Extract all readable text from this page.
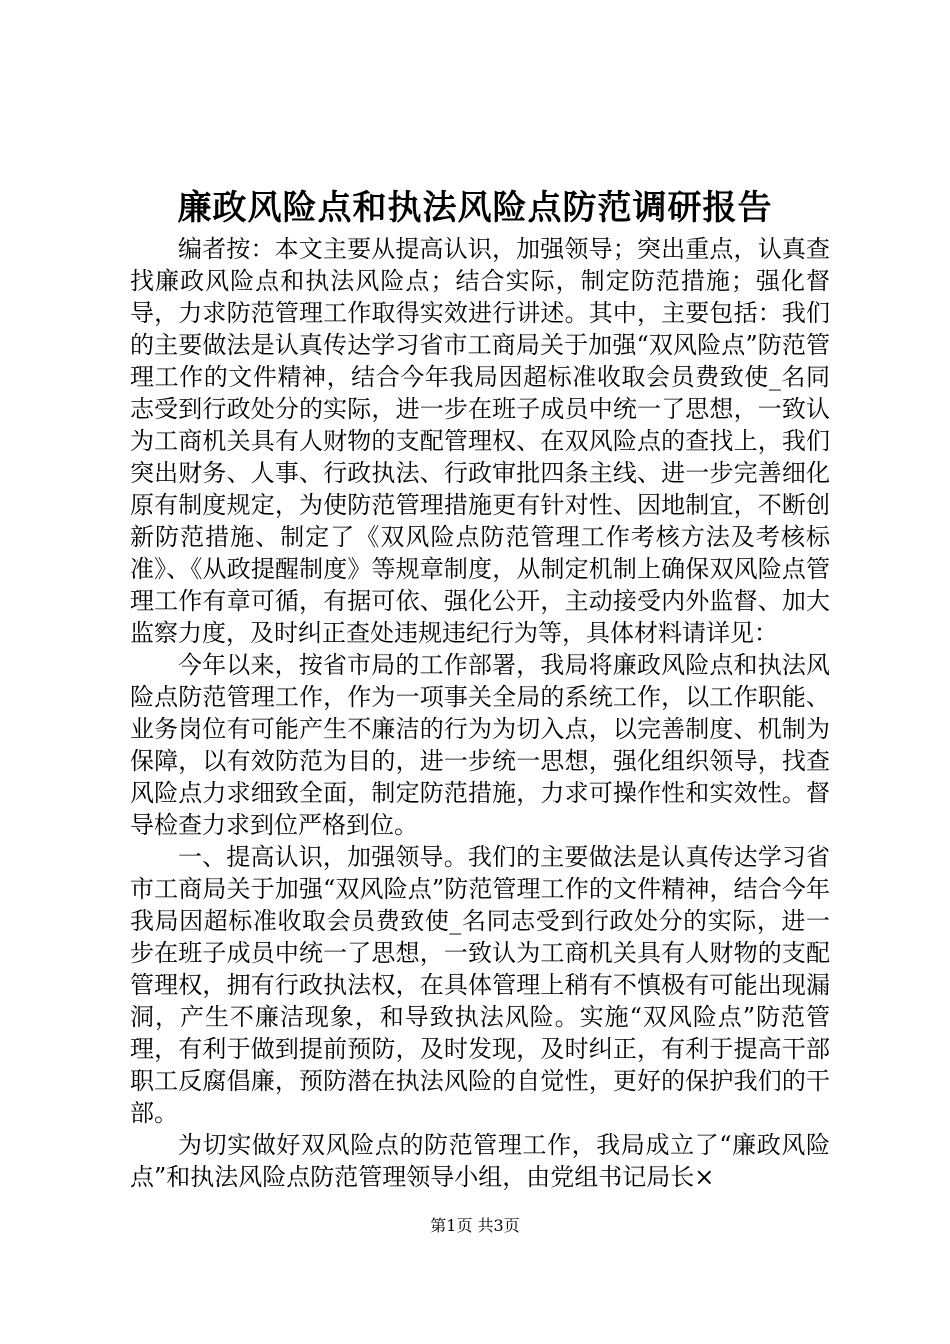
廉政风险点和执法风险点防范调研报告

编者按：本文主要从提高认识，加强领导；突出重点，认真查找廉政风险点和执法风险点；结合实际，制定防范措施；强化督导，力求防范管理工作取得实效进行讲述。其中，主要包括：我们的主要做法是认真传达学习省市工商局关于加强“双风险点”防范管理工作的文件精神，结合今年我局因超标准收取会员费致使_名同志受到行政处分的实际，进一步在班子成员中统一了思想，一致认为工商机关具有人财物的支配管理权、在双风险点的查找上，我们突出财务、人事、行政执法、行政审批四条主线、进一步完善细化原有制度规定，为使防范管理措施更有针对性、因地制宜，不断创新防范措施、制定了《双风险点防范管理工作考核方法及考核标准》、《从政提醒制度》等规章制度，从制定机制上确保双风险点管理工作有章可循，有据可依、强化公开，主动接受内外监督、加大监察力度，及时纠正查处违规违纪行为等，具体材料请详见：

今年以来，按省市局的工作部署，我局将廉政风险点和执法风险点防范管理工作，作为一项事关全局的系统工作，以工作职能、业务岗位有可能产生不廉洁的行为为切入点，以完善制度、机制为保障，以有效防范为目的，进一步统一思想，强化组织领导，找查风险点力求细致全面，制定防范措施，力求可操作性和实效性。督导检查力求到位严格到位。

一、提高认识，加强领导。我们的主要做法是认真传达学习省市工商局关于加强“双风险点”防范管理工作的文件精神，结合今年我局因超标准收取会员费致使_名同志受到行政处分的实际，进一步在班子成员中统一了思想，一致认为工商机关具有人财物的支配管理权，拥有行政执法权，在具体管理上稍有不慎极有可能出现漏洞，产生不廉洁现象，和导致执法风险。实施“双风险点”防范管理，有利于做到提前预防，及时发现，及时纠正，有利于提高干部职工反腐倡廉，预防潜在执法风险的自觉性，更好的保护我们的干部。

为切实做好双风险点的防范管理工作，我局成立了“廉政风险点”和执法风险点防范管理领导小组，由党组书记局长×

第1页 共3页
